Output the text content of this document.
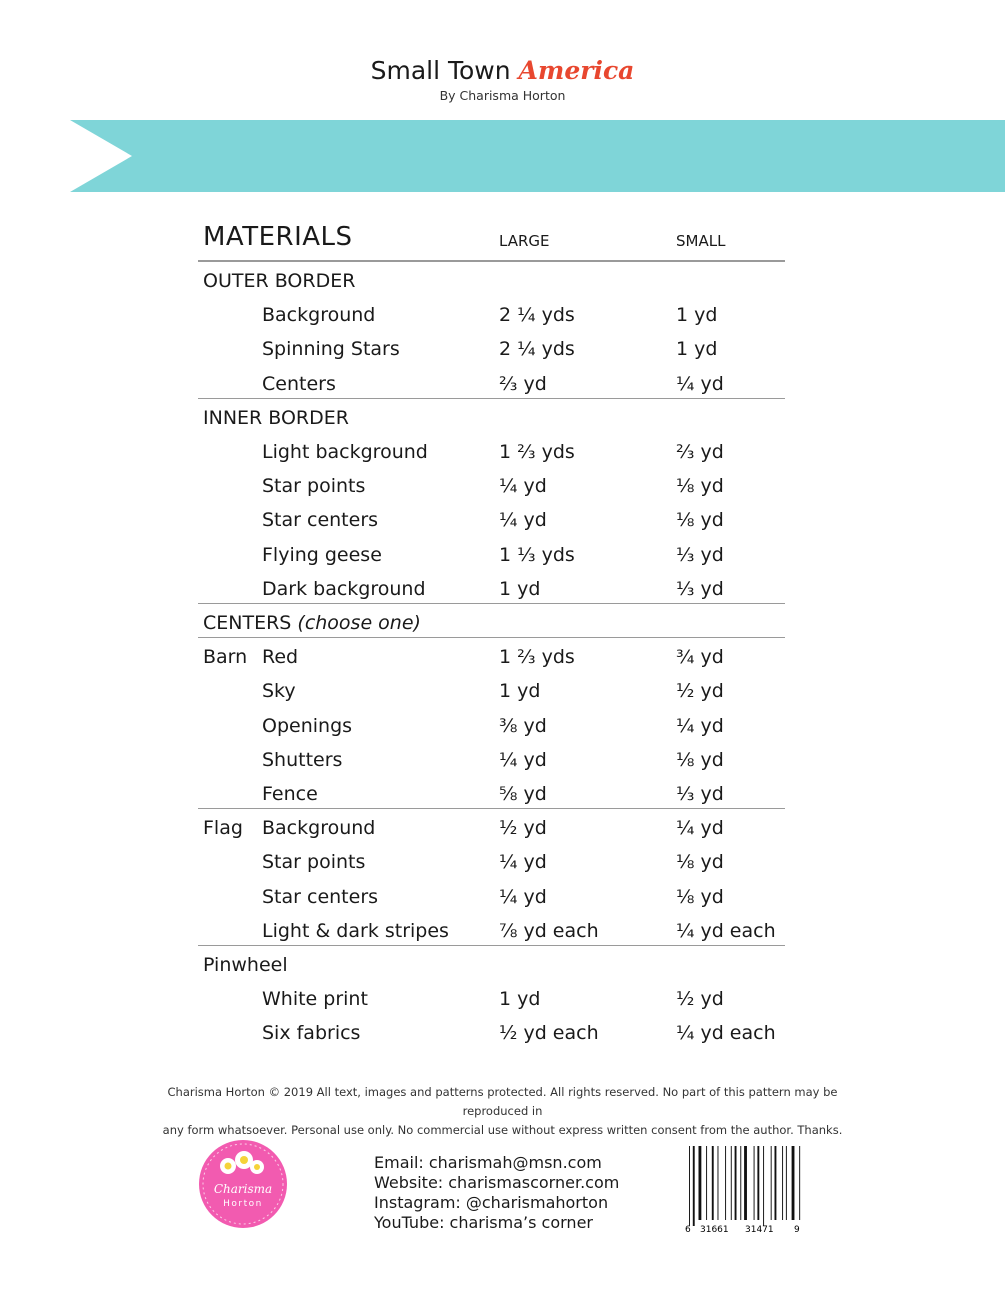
Small Town America
By Charisma Horton
MATERIALS	LARGE	SMALL
OUTER BORDER
Background	2 ¼ yds	1 yd
Spinning Stars	2 ¼ yds	1 yd
Centers	⅔ yd	¼ yd
INNER BORDER
Light background	1 ⅔ yds	⅔ yd
Star points	¼ yd	⅛ yd
Star centers	¼ yd	⅛ yd
Flying geese	1 ⅓ yds	⅓ yd
Dark background	1 yd	⅓ yd
CENTERS (choose one)
Barn Red	1 ⅔ yds	¾ yd
Sky	1 yd	½ yd
Openings	⅜ yd	¼ yd
Shutters	¼ yd	⅛ yd
Fence	⅝ yd	⅓ yd
Flag Background	½ yd	¼ yd
Star points	¼ yd	⅛ yd
Star centers	¼ yd	⅛ yd
Light & dark stripes	⅞ yd each	¼ yd each
Pinwheel
White print	1 yd	½ yd
Six fabrics	½ yd each	¼ yd each
Charisma Horton © 2019 All text, images and patterns protected. All rights reserved. No part of this pattern may be reproduced in
any form whatsoever. Personal use only. No commercial use without express written consent from the author. Thanks.
Charisma
Horton
Email: charismah@msn.com
Website: charismascorner.com
Instagram: @charismahorton
YouTube: charisma’s corner	6 31661 31471 9
